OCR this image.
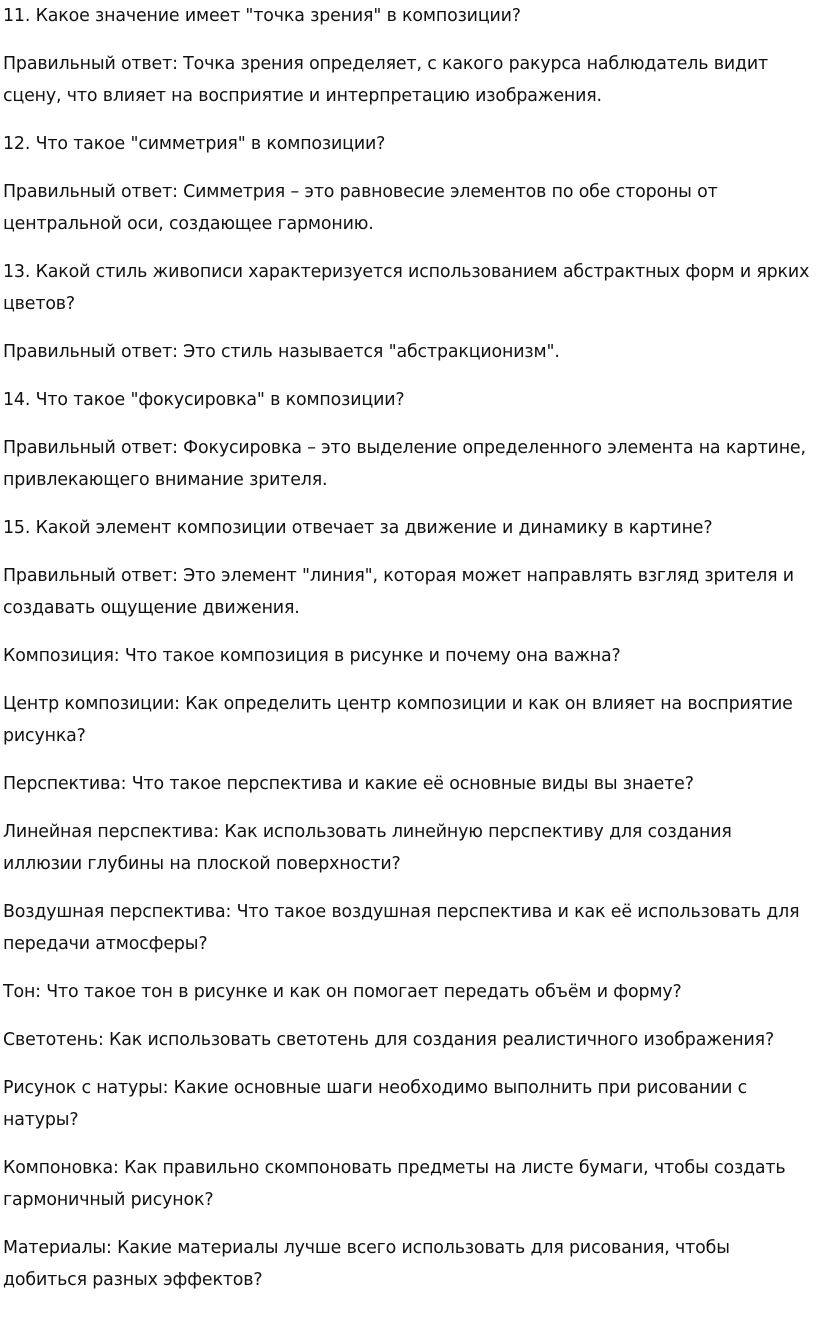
11. Какое значение имеет "точка зрения" в композиции?

Правильный ответ: Точка зрения определяет, с какого ракурса наблюдатель видит сцену, что влияет на восприятие и интерпретацию изображения.

12. Что такое "симметрия" в композиции?

Правильный ответ: Симметрия – это равновесие элементов по обе стороны от центральной оси, создающее гармонию.

13. Какой стиль живописи характеризуется использованием абстрактных форм и ярких цветов?

Правильный ответ: Это стиль называется "абстракционизм".

14. Что такое "фокусировка" в композиции?

Правильный ответ: Фокусировка – это выделение определенного элемента на картине, привлекающего внимание зрителя.

15. Какой элемент композиции отвечает за движение и динамику в картине?

Правильный ответ: Это элемент "линия", которая может направлять взгляд зрителя и создавать ощущение движения.

Композиция: Что такое композиция в рисунке и почему она важна?

Центр композиции: Как определить центр композиции и как он влияет на восприятие рисунка?

Перспектива: Что такое перспектива и какие её основные виды вы знаете?

Линейная перспектива: Как использовать линейную перспективу для создания иллюзии глубины на плоской поверхности?

Воздушная перспектива: Что такое воздушная перспектива и как её использовать для передачи атмосферы?

Тон: Что такое тон в рисунке и как он помогает передать объём и форму?

Светотень: Как использовать светотень для создания реалистичного изображения?

Рисунок с натуры: Какие основные шаги необходимо выполнить при рисовании с натуры?

Компоновка: Как правильно скомпоновать предметы на листе бумаги, чтобы создать гармоничный рисунок?

Материалы: Какие материалы лучше всего использовать для рисования, чтобы добиться разных эффектов?
